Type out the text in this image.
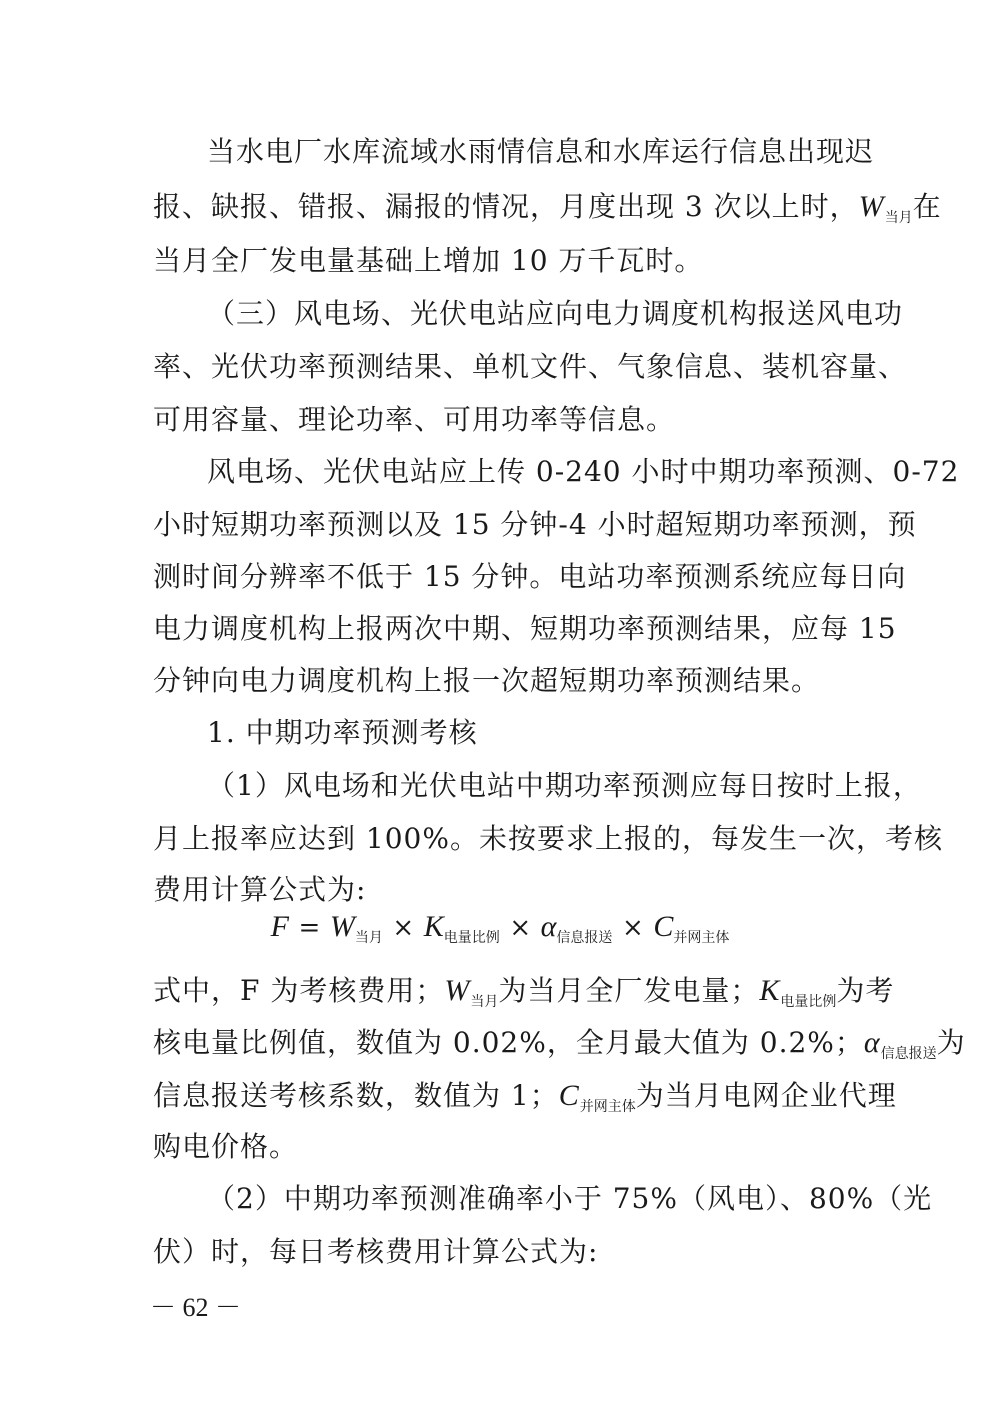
当水电厂水库流域水雨情信息和水库运行信息出现迟
报、缺报、错报、漏报的情况，月度出现 3 次以上时，$W_{当月}$在
当月全厂发电量基础上增加 10 万千瓦时。
（三）风电场、光伏电站应向电力调度机构报送风电功
率、光伏功率预测结果、单机文件、气象信息、装机容量、
可用容量、理论功率、可用功率等信息。
风电场、光伏电站应上传 0-240 小时中期功率预测、0-72
小时短期功率预测以及 15 分钟-4 小时超短期功率预测，预
测时间分辨率不低于 15 分钟。电站功率预测系统应每日向
电力调度机构上报两次中期、短期功率预测结果，应每 15
分钟向电力调度机构上报一次超短期功率预测结果。
1. 中期功率预测考核
（1）风电场和光伏电站中期功率预测应每日按时上报，
月上报率应达到 100%。未按要求上报的，每发生一次，考核
费用计算公式为:
$F = W_{当月} \times K_{电量比例} \times \alpha_{信息报送} \times C_{并网主体}$
式中，F 为考核费用；$W_{当月}$为当月全厂发电量；$K_{电量比例}$为考
核电量比例值，数值为 0.02%，全月最大值为 0.2%；$\alpha_{信息报送}$为
信息报送考核系数，数值为 1；$C_{并网主体}$为当月电网企业代理
购电价格。
（2）中期功率预测准确率小于 75%（风电）、80%（光
伏）时，每日考核费用计算公式为:
－ 62 －
